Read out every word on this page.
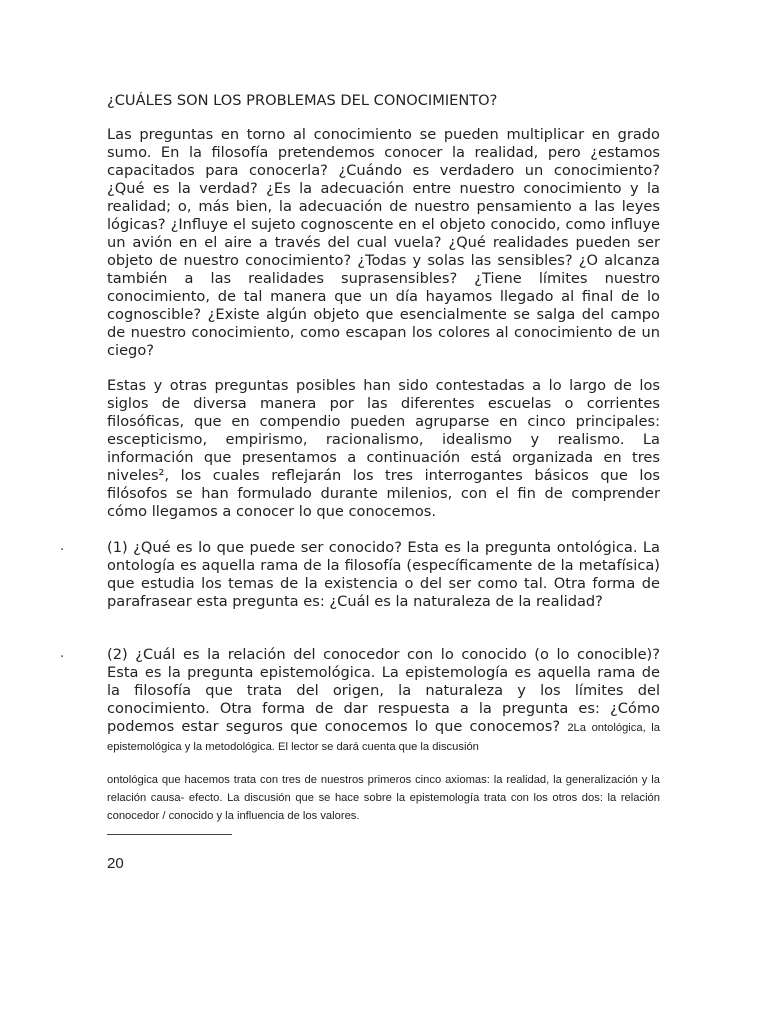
¿CUÁLES SON LOS PROBLEMAS DEL CONOCIMIENTO?

Las preguntas en torno al conocimiento se pueden multiplicar en grado sumo. En la filosofía pretendemos conocer la realidad, pero ¿estamos capacitados para conocerla? ¿Cuándo es verdadero un conocimiento? ¿Qué es la verdad? ¿Es la adecuación entre nuestro conocimiento y la realidad; o, más bien, la adecuación de nuestro pensamiento a las leyes lógicas? ¿Influye el sujeto cognoscente en el objeto conocido, como influye un avión en el aire a través del cual vuela? ¿Qué realidades pueden ser objeto de nuestro conocimiento? ¿Todas y solas las sensibles? ¿O alcanza también a las realidades suprasensibles? ¿Tiene límites nuestro conocimiento, de tal manera que un día hayamos llegado al final de lo cognoscible? ¿Existe algún objeto que esencialmente se salga del campo de nuestro conocimiento, como escapan los colores al conocimiento de un ciego?

Estas y otras preguntas posibles han sido contestadas a lo largo de los siglos de diversa manera por las diferentes escuelas o corrientes filosóficas, que en compendio pueden agruparse en cinco principales: escepticismo, empirismo, racionalismo, idealismo y realismo. La información que presentamos a continuación está organizada en tres niveles², los cuales reflejarán los tres interrogantes básicos que los filósofos se han formulado durante milenios, con el fin de comprender cómo llegamos a conocer lo que conocemos.

.	(1) ¿Qué es lo que puede ser conocido? Esta es la pregunta ontológica. La ontología es aquella rama de la filosofía (específicamente de la metafísica) que estudia los temas de la existencia o del ser como tal. Otra forma de parafrasear esta pregunta es: ¿Cuál es la naturaleza de la realidad?

.	(2) ¿Cuál es la relación del conocedor con lo conocido (o lo conocible)? Esta es la pregunta epistemológica. La epistemología es aquella rama de la filosofía que trata del origen, la naturaleza y los límites del conocimiento. Otra forma de dar respuesta a la pregunta es: ¿Cómo podemos estar seguros que conocemos lo que conocemos? 2La ontológica, la epistemológica y la metodológica. El lector se dará cuenta que la discusión

ontológica que hacemos trata con tres de nuestros primeros cinco axiomas: la realidad, la generalización y la relación causa- efecto. La discusión que se hace sobre la epistemología trata con los otros dos: la relación conocedor / conocido y la influencia de los valores.

20
